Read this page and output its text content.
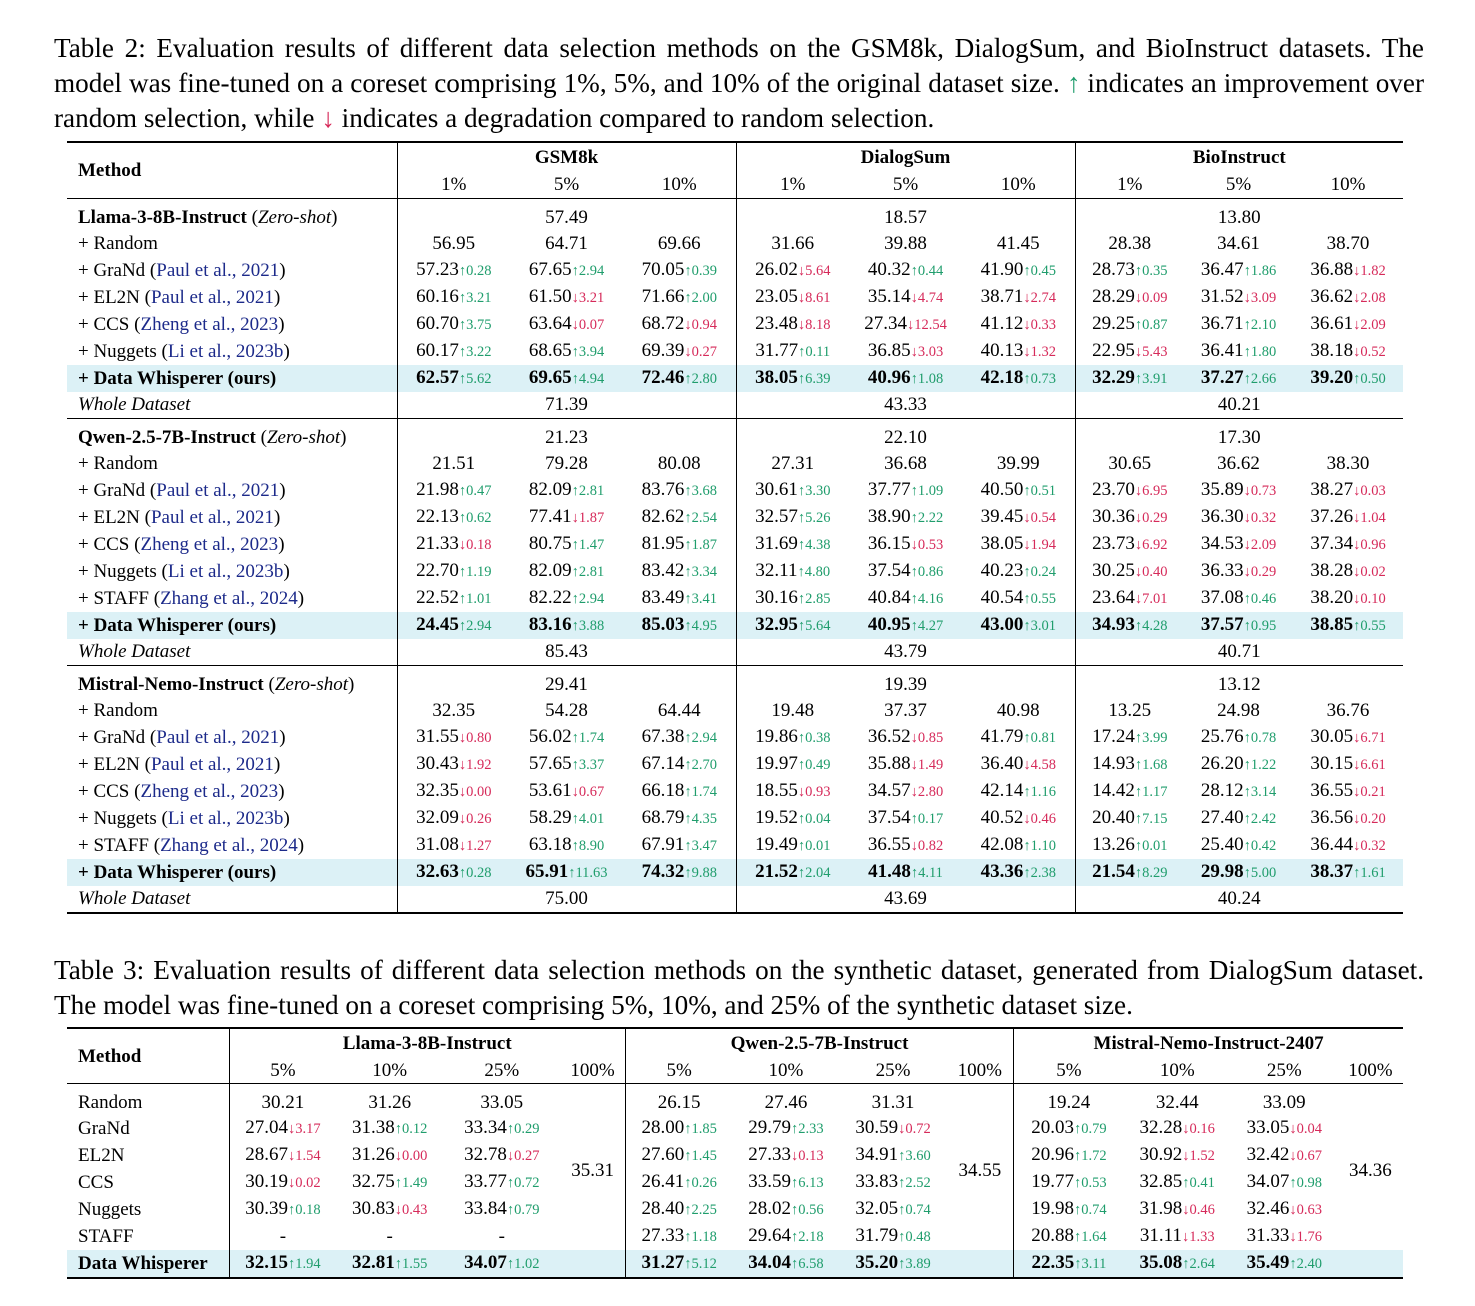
Table 2: Evaluation results of different data selection methods on the GSM8k, DialogSum, and BioInstruct datasets. The model was fine-tuned on a coreset comprising 1%, 5%, and 10% of the original dataset size. ↑ indicates an improvement over random selection, while ↓ indicates a degradation compared to random selection.
Method	GSM8k			DialogSum			BioInstruct		
	1%	5%	10%	1%	5%	10%	1%	5%	10%
Llama-3-8B-Instruct (Zero-shot)	57.49			18.57			13.80		
+ Random	56.95	64.71	69.66	31.66	39.88	41.45	28.38	34.61	38.70
+ GraNd (Paul et al., 2021)	57.23↑0.28	67.65↑2.94	70.05↑0.39	26.02↓5.64	40.32↑0.44	41.90↑0.45	28.73↑0.35	36.47↑1.86	36.88↓1.82
+ EL2N (Paul et al., 2021)	60.16↑3.21	61.50↓3.21	71.66↑2.00	23.05↓8.61	35.14↓4.74	38.71↓2.74	28.29↓0.09	31.52↓3.09	36.62↓2.08
+ CCS (Zheng et al., 2023)	60.70↑3.75	63.64↓0.07	68.72↓0.94	23.48↓8.18	27.34↓12.54	41.12↓0.33	29.25↑0.87	36.71↑2.10	36.61↓2.09
+ Nuggets (Li et al., 2023b)	60.17↑3.22	68.65↑3.94	69.39↓0.27	31.77↑0.11	36.85↓3.03	40.13↓1.32	22.95↓5.43	36.41↑1.80	38.18↓0.52
+ Data Whisperer (ours)	62.57↑5.62	69.65↑4.94	72.46↑2.80	38.05↑6.39	40.96↑1.08	42.18↑0.73	32.29↑3.91	37.27↑2.66	39.20↑0.50
Whole Dataset	71.39			43.33			40.21		
Qwen-2.5-7B-Instruct (Zero-shot)	21.23			22.10			17.30		
+ Random	21.51	79.28	80.08	27.31	36.68	39.99	30.65	36.62	38.30
+ GraNd (Paul et al., 2021)	21.98↑0.47	82.09↑2.81	83.76↑3.68	30.61↑3.30	37.77↑1.09	40.50↑0.51	23.70↓6.95	35.89↓0.73	38.27↓0.03
+ EL2N (Paul et al., 2021)	22.13↑0.62	77.41↓1.87	82.62↑2.54	32.57↑5.26	38.90↑2.22	39.45↓0.54	30.36↓0.29	36.30↓0.32	37.26↓1.04
+ CCS (Zheng et al., 2023)	21.33↓0.18	80.75↑1.47	81.95↑1.87	31.69↑4.38	36.15↓0.53	38.05↓1.94	23.73↓6.92	34.53↓2.09	37.34↓0.96
+ Nuggets (Li et al., 2023b)	22.70↑1.19	82.09↑2.81	83.42↑3.34	32.11↑4.80	37.54↑0.86	40.23↑0.24	30.25↓0.40	36.33↓0.29	38.28↓0.02
+ STAFF (Zhang et al., 2024)	22.52↑1.01	82.22↑2.94	83.49↑3.41	30.16↑2.85	40.84↑4.16	40.54↑0.55	23.64↓7.01	37.08↑0.46	38.20↓0.10
+ Data Whisperer (ours)	24.45↑2.94	83.16↑3.88	85.03↑4.95	32.95↑5.64	40.95↑4.27	43.00↑3.01	34.93↑4.28	37.57↑0.95	38.85↑0.55
Whole Dataset	85.43			43.79			40.71		
Mistral-Nemo-Instruct (Zero-shot)	29.41			19.39			13.12		
+ Random	32.35	54.28	64.44	19.48	37.37	40.98	13.25	24.98	36.76
+ GraNd (Paul et al., 2021)	31.55↓0.80	56.02↑1.74	67.38↑2.94	19.86↑0.38	36.52↓0.85	41.79↑0.81	17.24↑3.99	25.76↑0.78	30.05↓6.71
+ EL2N (Paul et al., 2021)	30.43↓1.92	57.65↑3.37	67.14↑2.70	19.97↑0.49	35.88↓1.49	36.40↓4.58	14.93↑1.68	26.20↑1.22	30.15↓6.61
+ CCS (Zheng et al., 2023)	32.35↓0.00	53.61↓0.67	66.18↑1.74	18.55↓0.93	34.57↓2.80	42.14↑1.16	14.42↑1.17	28.12↑3.14	36.55↓0.21
+ Nuggets (Li et al., 2023b)	32.09↓0.26	58.29↑4.01	68.79↑4.35	19.52↑0.04	37.54↑0.17	40.52↓0.46	20.40↑7.15	27.40↑2.42	36.56↓0.20
+ STAFF (Zhang et al., 2024)	31.08↓1.27	63.18↑8.90	67.91↑3.47	19.49↑0.01	36.55↓0.82	42.08↑1.10	13.26↑0.01	25.40↑0.42	36.44↓0.32
+ Data Whisperer (ours)	32.63↑0.28	65.91↑11.63	74.32↑9.88	21.52↑2.04	41.48↑4.11	43.36↑2.38	21.54↑8.29	29.98↑5.00	38.37↑1.61
Whole Dataset	75.00			43.69			40.24		
Table 3: Evaluation results of different data selection methods on the synthetic dataset, generated from DialogSum dataset. The model was fine-tuned on a coreset comprising 5%, 10%, and 25% of the synthetic dataset size.
Method	Llama-3-8B-Instruct				Qwen-2.5-7B-Instruct				Mistral-Nemo-Instruct-2407			
	5%	10%	25%	100%	5%	10%	25%	100%	5%	10%	25%	100%
Random	30.21	31.26	33.05	35.31	26.15	27.46	31.31	34.55	19.24	32.44	33.09	34.36
GraNd	27.04↓3.17	31.38↑0.12	33.34↑0.29		28.00↑1.85	29.79↑2.33	30.59↓0.72		20.03↑0.79	32.28↓0.16	33.05↓0.04	
EL2N	28.67↓1.54	31.26↓0.00	32.78↓0.27		27.60↑1.45	27.33↓0.13	34.91↑3.60		20.96↑1.72	30.92↓1.52	32.42↓0.67	
CCS	30.19↓0.02	32.75↑1.49	33.77↑0.72		26.41↑0.26	33.59↑6.13	33.83↑2.52		19.77↑0.53	32.85↑0.41	34.07↑0.98	
Nuggets	30.39↑0.18	30.83↓0.43	33.84↑0.79		28.40↑2.25	28.02↑0.56	32.05↑0.74		19.98↑0.74	31.98↓0.46	32.46↓0.63	
STAFF	-	-	-		27.33↑1.18	29.64↑2.18	31.79↑0.48		20.88↑1.64	31.11↓1.33	31.33↓1.76	
Data Whisperer	32.15↑1.94	32.81↑1.55	34.07↑1.02		31.27↑5.12	34.04↑6.58	35.20↑3.89		22.35↑3.11	35.08↑2.64	35.49↑2.40	
